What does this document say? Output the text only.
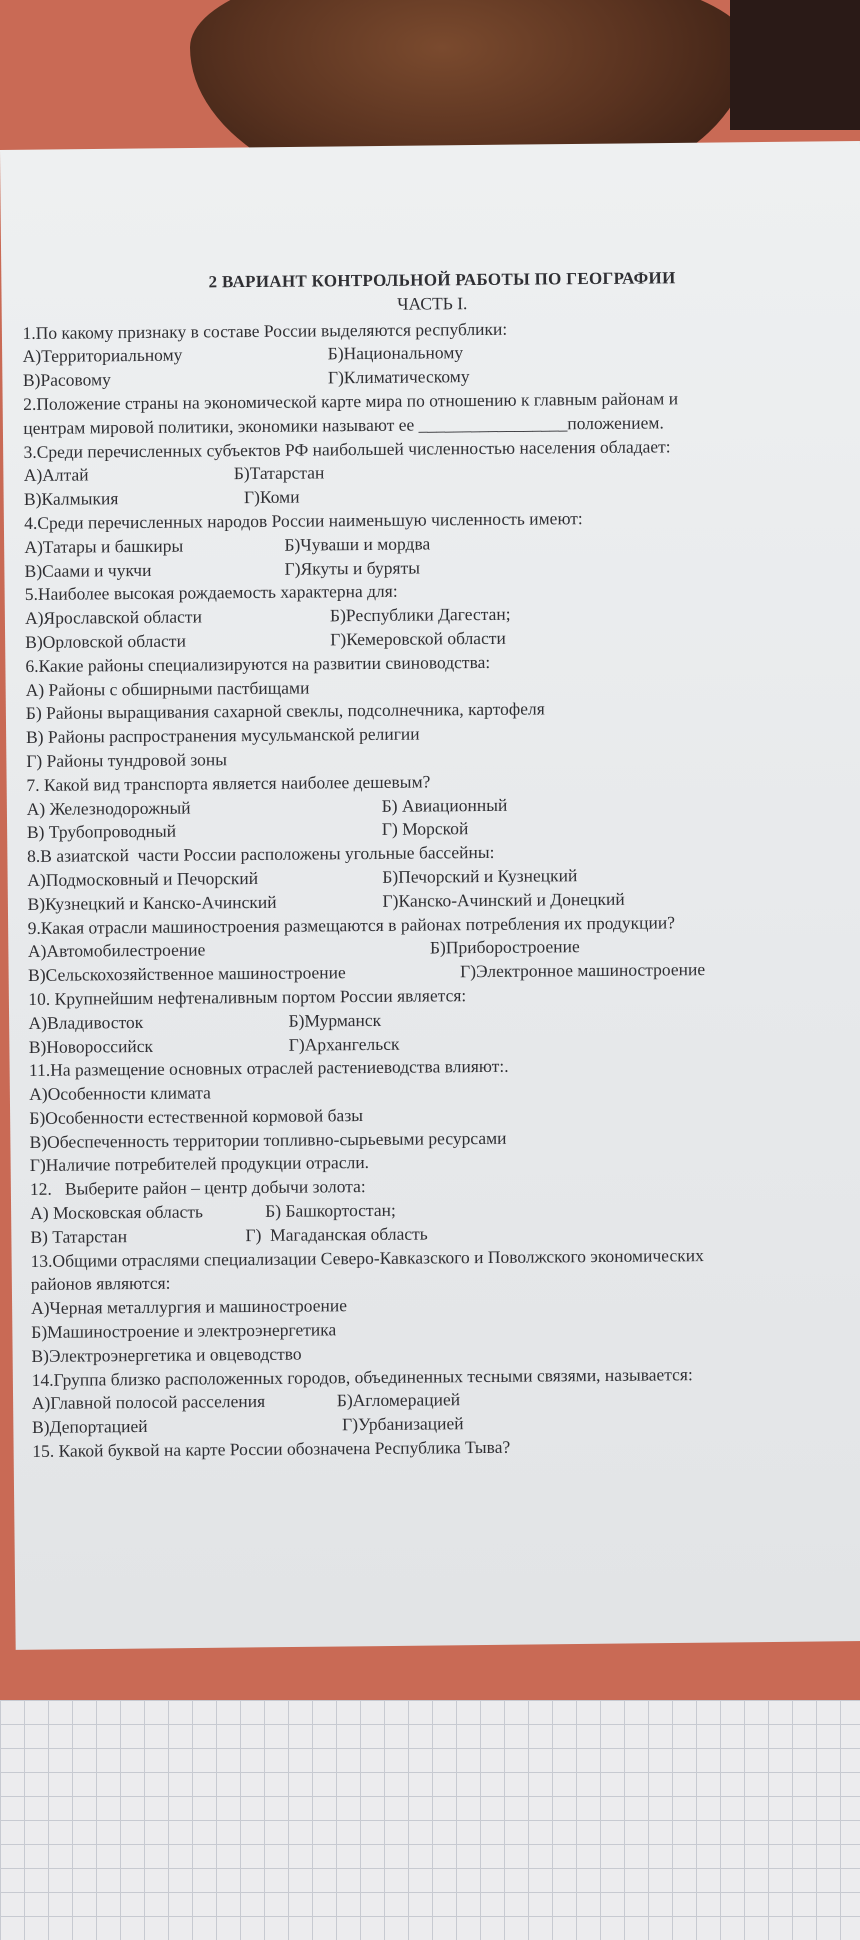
2 ВАРИАНТ КОНТРОЛЬНОЙ РАБОТЫ ПО ГЕОГРАФИИ
ЧАСТЬ I.
1.По какому признаку в составе России выделяются республики:
А)Территориальному	Б)Национальному
В)Расовому	Г)Климатическому
2.Положение страны на экономической карте мира по отношению к главным районам и
центрам мировой политики, экономики называют ее _________________положением.
3.Среди перечисленных субъектов РФ наибольшей численностью населения обладает:
А)Алтай	Б)Татарстан
В)Калмыкия	Г)Коми
4.Среди перечисленных народов России наименьшую численность имеют:
А)Татары и башкиры	Б)Чуваши и мордва
В)Саами и чукчи	Г)Якуты и буряты
5.Наиболее высокая рождаемость характерна для:
А)Ярославской области	Б)Республики Дагестан;
В)Орловской области	Г)Кемеровской области
6.Какие районы специализируются на развитии свиноводства:
А) Районы с обширными пастбищами
Б) Районы выращивания сахарной свеклы, подсолнечника, картофеля
В) Районы распространения мусульманской религии
Г) Районы тундровой зоны
7. Какой вид транспорта является наиболее дешевым?
А) Железнодорожный	Б) Авиационный
В) Трубопроводный	Г) Морской
8.В азиатской  части России расположены угольные бассейны:
А)Подмосковный и Печорский	Б)Печорский и Кузнецкий
В)Кузнецкий и Канско-Ачинский	Г)Канско-Ачинский и Донецкий
9.Какая отрасли машиностроения размещаются в районах потребления их продукции?
А)Автомобилестроение	Б)Приборостроение
В)Сельскохозяйственное машиностроение	Г)Электронное машиностроение
10. Крупнейшим нефтеналивным портом России является:
А)Владивосток	Б)Мурманск
В)Новороссийск	Г)Архангельск
11.На размещение основных отраслей растениеводства влияют:.
А)Особенности климата
Б)Особенности естественной кормовой базы
В)Обеспеченность территории топливно-сырьевыми ресурсами
Г)Наличие потребителей продукции отрасли.
12.   Выберите район – центр добычи золота:
А) Московская область	Б) Башкортостан;
В) Татарстан	Г)  Магаданская область
13.Общими отраслями специализации Северо-Кавказского и Поволжского экономических
районов являются:
А)Черная металлургия и машиностроение
Б)Машиностроение и электроэнергетика
В)Электроэнергетика и овцеводство
14.Группа близко расположенных городов, объединенных тесными связями, называется:
А)Главной полосой расселения	Б)Агломерацией
В)Депортацией	Г)Урбанизацией
15. Какой буквой на карте России обозначена Республика Тыва?
